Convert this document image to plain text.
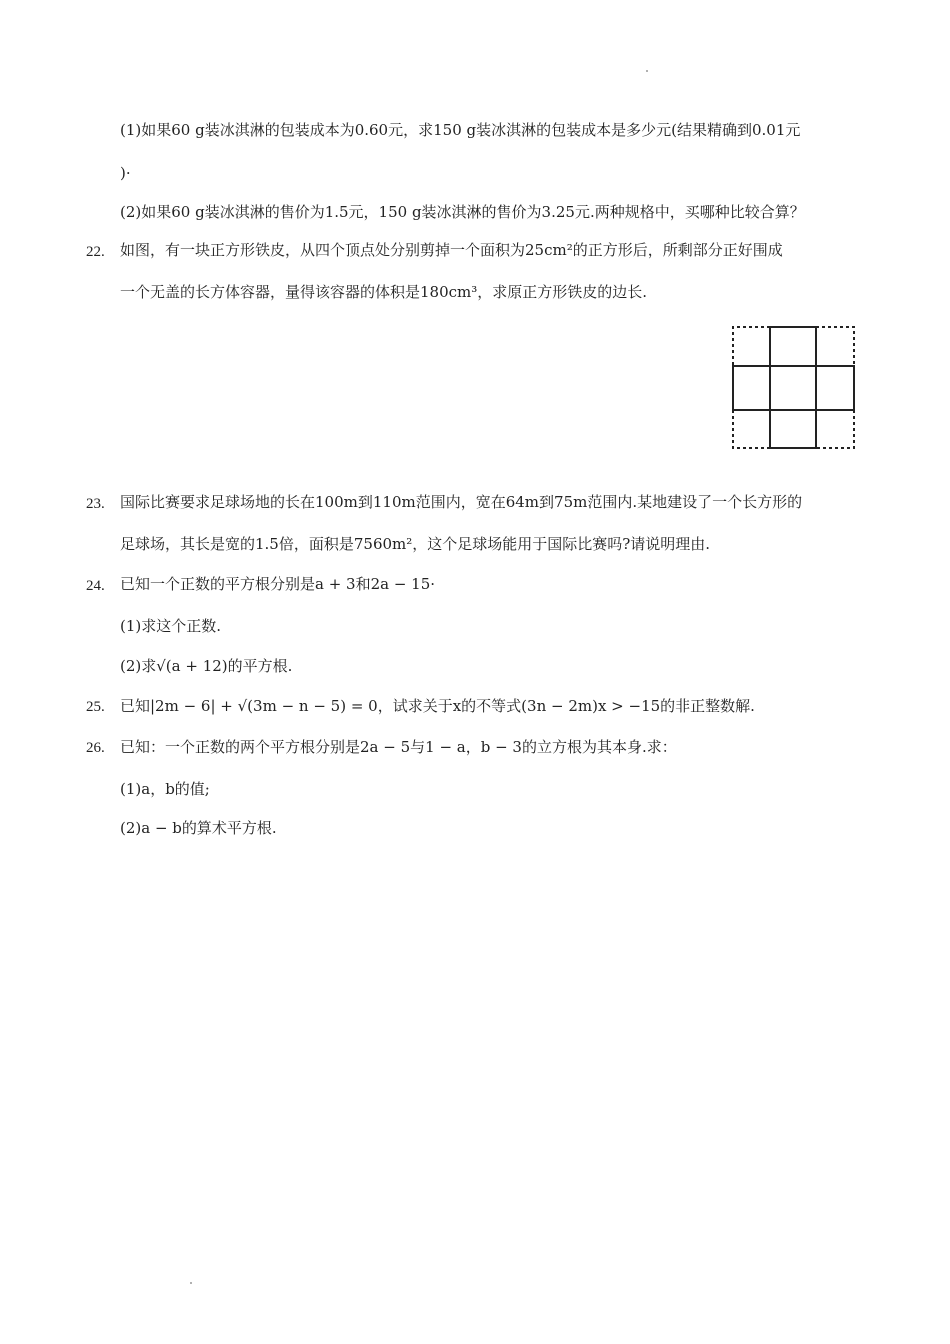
(1)如果60 g装冰淇淋的包装成本为0.60元，求150 g装冰淇淋的包装成本是多少元(结果精确到0.01元
)·
(2)如果60 g装冰淇淋的售价为1.5元，150 g装冰淇淋的售价为3.25元.两种规格中，买哪种比较合算？
22. 如图，有一块正方形铁皮，从四个顶点处分别剪掉一个面积为25cm²的正方形后，所剩部分正好围成
一个无盖的长方体容器，量得该容器的体积是180cm³，求原正方形铁皮的边长.
23. 国际比赛要求足球场地的长在100m到110m范围内，宽在64m到75m范围内.某地建设了一个长方形的
足球场，其长是宽的1.5倍，面积是7560m²，这个足球场能用于国际比赛吗?请说明理由.
24. 已知一个正数的平方根分别是a + 3和2a − 15·
(1)求这个正数.
(2)求√(a + 12)的平方根.
25. 已知|2m − 6| + √(3m − n − 5) = 0，试求关于x的不等式(3n − 2m)x > −15的非正整数解.
26. 已知：一个正数的两个平方根分别是2a − 5与1 − a，b − 3的立方根为其本身.求：
(1)a，b的值;
(2)a − b的算术平方根.
